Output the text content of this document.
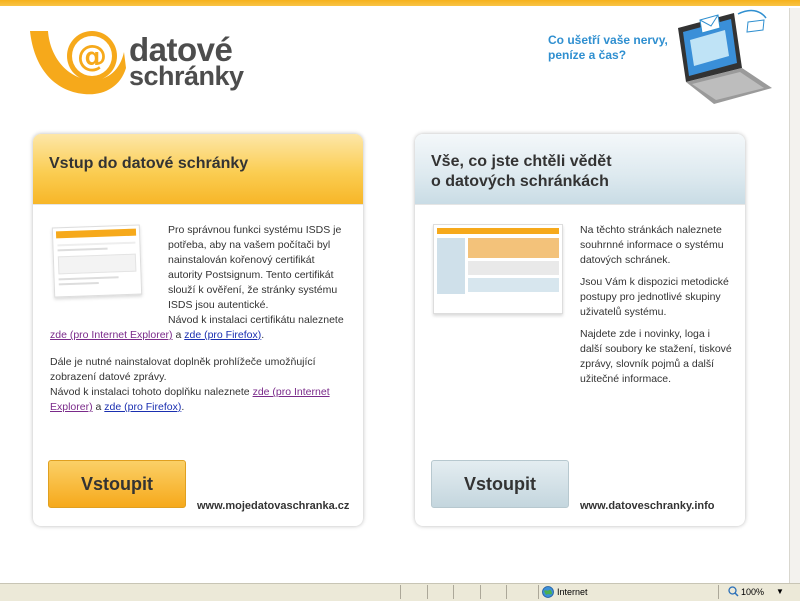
@ datové
schránky
Co ušetří vaše nervy,
peníze a čas?
Vstup do datové schránky
Pro správnou funkci systému ISDS je potřeba, aby na vašem počítači byl nainstalován kořenový certifikát autority Postsignum. Tento certifikát slouží k ověření, že stránky systému ISDS jsou autentické.
Návod k instalaci certifikátu naleznete

zde (pro Internet Explorer) a zde (pro Firefox).

Dále je nutné nainstalovat doplněk prohlížeče umožňující zobrazení datové zprávy.
Návod k instalaci tohoto doplňku naleznete zde (pro Internet Explorer) a zde (pro Firefox).

Vstoupit
www.mojedatovaschranka.cz
Vše, co jste chtěli vědět
o datových schránkách

Na těchto stránkách naleznete souhrnné informace o systému datových schránek.

Jsou Vám k dispozici metodické postupy pro jednotlivé skupiny uživatelů systému.

Najdete zde i novinky, loga i další soubory ke stažení, tiskové zprávy, slovník pojmů a další užitečné informace.

Vstoupit
www.datoveschranky.info
Internet	100% ▼
